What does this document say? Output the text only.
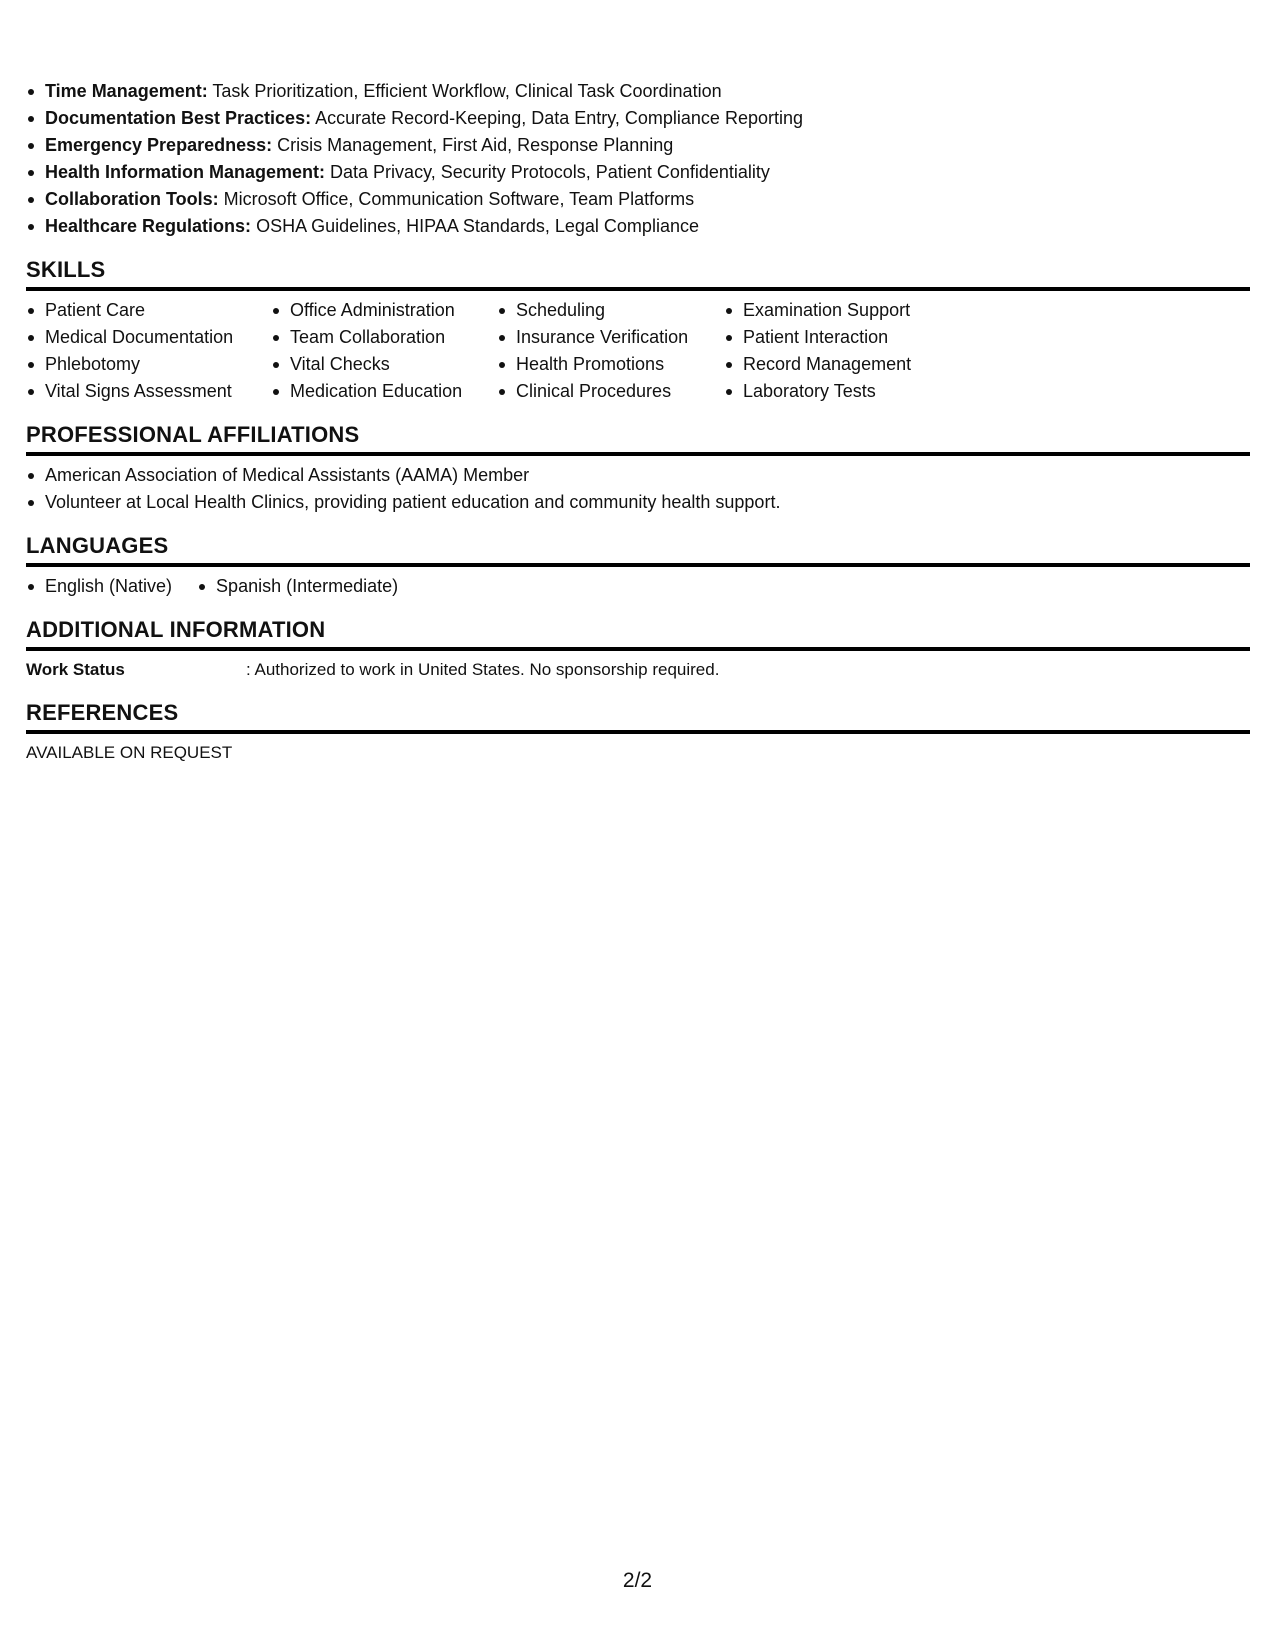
Time Management: Task Prioritization, Efficient Workflow, Clinical Task Coordination
Documentation Best Practices: Accurate Record-Keeping, Data Entry, Compliance Reporting
Emergency Preparedness: Crisis Management, First Aid, Response Planning
Health Information Management: Data Privacy, Security Protocols, Patient Confidentiality
Collaboration Tools: Microsoft Office, Communication Software, Team Platforms
Healthcare Regulations: OSHA Guidelines, HIPAA Standards, Legal Compliance
SKILLS
Patient Care
Medical Documentation
Phlebotomy
Vital Signs Assessment
Office Administration
Team Collaboration
Vital Checks
Medication Education
Scheduling
Insurance Verification
Health Promotions
Clinical Procedures
Examination Support
Patient Interaction
Record Management
Laboratory Tests
PROFESSIONAL AFFILIATIONS
American Association of Medical Assistants (AAMA) Member
Volunteer at Local Health Clinics, providing patient education and community health support.
LANGUAGES
English (Native)	Spanish (Intermediate)
ADDITIONAL INFORMATION
Work Status	: Authorized to work in United States. No sponsorship required.
REFERENCES
AVAILABLE ON REQUEST
2/2
